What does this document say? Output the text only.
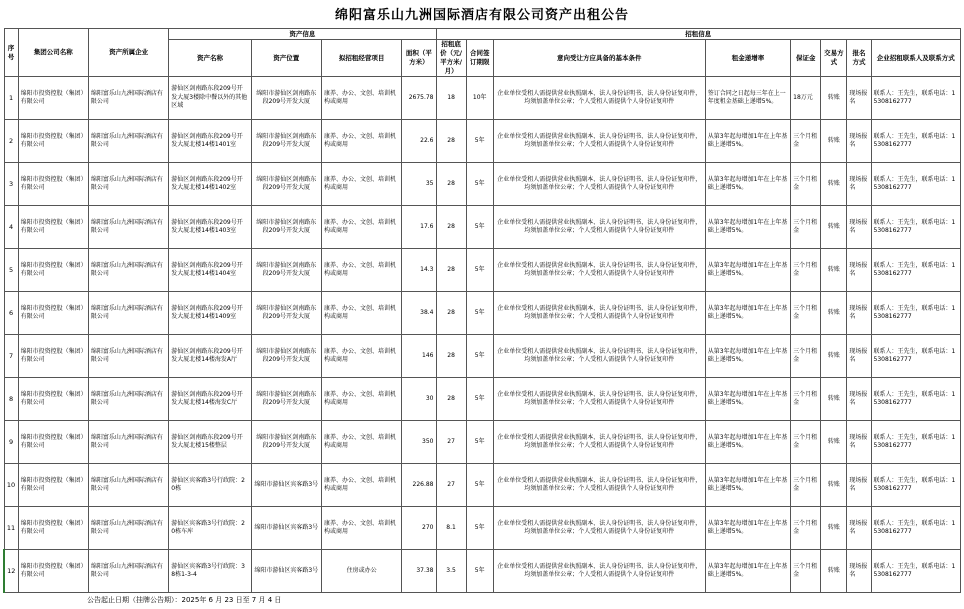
绵阳富乐山九洲国际酒店有限公司资产出租公告
序号	集团公司名称	资产所属企业	资产信息				招租信息							
			资产名称	资产位置	拟招租经营项目	面积（平方米）	招租底价（元/平方米/月）	合同签订期限	意向受让方应具备的基本条件	租金递增率	保证金	交易方式	报名方式	企业招租联系人及联系方式
1	绵阳市投资控股（集团）有限公司	绵阳富乐山九洲国际酒店有限公司	游仙区剑南路东段209号开发大厦3楼除中餐以外的其他区域	绵阳市游仙区剑南路东段209号开发大厦	康养、办公、文创、培训机构或商用	2675.78	18	10年	企业单位受租人需提供营业执照副本、法人身份证明书、法人身份证复印件，均须加盖单位公章；个人受租人需提供个人身份证复印件	签订合同之日起每三年在上一年度租金基础上递增5%。	18万元	转账	现场报名	联系人：王先生，联系电话：15308162777
2	绵阳市投资控股（集团）有限公司	绵阳富乐山九洲国际酒店有限公司	游仙区剑南路东段209号开发大厦北楼14楼1401室	绵阳市游仙区剑南路东段209号开发大厦	康养、办公、文创、培训机构或商用	22.6	28	5年	企业单位受租人需提供营业执照副本、法人身份证明书、法人身份证复印件，均须加盖单位公章；个人受租人需提供个人身份证复印件	从第3年起每增加1年在上年基础上递增5%。	三个月租金	转账	现场报名	联系人：王先生，联系电话：15308162777
3	绵阳市投资控股（集团）有限公司	绵阳富乐山九洲国际酒店有限公司	游仙区剑南路东段209号开发大厦北楼14楼1402室	绵阳市游仙区剑南路东段209号开发大厦	康养、办公、文创、培训机构或商用	35	28	5年	企业单位受租人需提供营业执照副本、法人身份证明书、法人身份证复印件，均须加盖单位公章；个人受租人需提供个人身份证复印件	从第3年起每增加1年在上年基础上递增5%。	三个月租金	转账	现场报名	联系人：王先生，联系电话：15308162777
4	绵阳市投资控股（集团）有限公司	绵阳富乐山九洲国际酒店有限公司	游仙区剑南路东段209号开发大厦北楼14楼1403室	绵阳市游仙区剑南路东段209号开发大厦	康养、办公、文创、培训机构或商用	17.6	28	5年	企业单位受租人需提供营业执照副本、法人身份证明书、法人身份证复印件，均须加盖单位公章；个人受租人需提供个人身份证复印件	从第3年起每增加1年在上年基础上递增5%。	三个月租金	转账	现场报名	联系人：王先生，联系电话：15308162777
5	绵阳市投资控股（集团）有限公司	绵阳富乐山九洲国际酒店有限公司	游仙区剑南路东段209号开发大厦北楼14楼1404室	绵阳市游仙区剑南路东段209号开发大厦	康养、办公、文创、培训机构或商用	14.3	28	5年	企业单位受租人需提供营业执照副本、法人身份证明书、法人身份证复印件，均须加盖单位公章；个人受租人需提供个人身份证复印件	从第3年起每增加1年在上年基础上递增5%。	三个月租金	转账	现场报名	联系人：王先生，联系电话：15308162777
6	绵阳市投资控股（集团）有限公司	绵阳富乐山九洲国际酒店有限公司	游仙区剑南路东段209号开发大厦北楼14楼1409室	绵阳市游仙区剑南路东段209号开发大厦	康养、办公、文创、培训机构或商用	38.4	28	5年	企业单位受租人需提供营业执照副本、法人身份证明书、法人身份证复印件，均须加盖单位公章；个人受租人需提供个人身份证复印件	从第3年起每增加1年在上年基础上递增5%。	三个月租金	转账	现场报名	联系人：王先生，联系电话：15308162777
7	绵阳市投资控股（集团）有限公司	绵阳富乐山九洲国际酒店有限公司	游仙区剑南路东段209号开发大厦北楼14楼海发A厅	绵阳市游仙区剑南路东段209号开发大厦	康养、办公、文创、培训机构或商用	146	28	5年	企业单位受租人需提供营业执照副本、法人身份证明书、法人身份证复印件，均须加盖单位公章；个人受租人需提供个人身份证复印件	从第3年起每增加1年在上年基础上递增5%。	三个月租金	转账	现场报名	联系人：王先生，联系电话：15308162777
8	绵阳市投资控股（集团）有限公司	绵阳富乐山九洲国际酒店有限公司	游仙区剑南路东段209号开发大厦北楼14楼海发C厅	绵阳市游仙区剑南路东段209号开发大厦	康养、办公、文创、培训机构或商用	30	28	5年	企业单位受租人需提供营业执照副本、法人身份证明书、法人身份证复印件，均须加盖单位公章；个人受租人需提供个人身份证复印件	从第3年起每增加1年在上年基础上递增5%。	三个月租金	转账	现场报名	联系人：王先生，联系电话：15308162777
9	绵阳市投资控股（集团）有限公司	绵阳富乐山九洲国际酒店有限公司	游仙区剑南路东段209号开发大厦北楼15楼整层	绵阳市游仙区剑南路东段209号开发大厦	康养、办公、文创、培训机构或商用	350	27	5年	企业单位受租人需提供营业执照副本、法人身份证明书、法人身份证复印件，均须加盖单位公章；个人受租人需提供个人身份证复印件	从第3年起每增加1年在上年基础上递增5%。	三个月租金	转账	现场报名	联系人：王先生，联系电话：15308162777
10	绵阳市投资控股（集团）有限公司	绵阳富乐山九洲国际酒店有限公司	游仙区宾客路3号行政院：20栋	绵阳市游仙区宾客路3号	康养、办公、文创、培训机构或商用	226.88	27	5年	企业单位受租人需提供营业执照副本、法人身份证明书、法人身份证复印件，均须加盖单位公章；个人受租人需提供个人身份证复印件	从第3年起每增加1年在上年基础上递增5%。	三个月租金	转账	现场报名	联系人：王先生，联系电话：15308162777
11	绵阳市投资控股（集团）有限公司	绵阳富乐山九洲国际酒店有限公司	游仙区宾客路3号行政院：20栋车库	绵阳市游仙区宾客路3号	康养、办公、文创、培训机构或商用	270	8.1	5年	企业单位受租人需提供营业执照副本、法人身份证明书、法人身份证复印件，均须加盖单位公章；个人受租人需提供个人身份证复印件	从第3年起每增加1年在上年基础上递增5%。	三个月租金	转账	现场报名	联系人：王先生，联系电话：15308162777
12	绵阳市投资控股（集团）有限公司	绵阳富乐山九洲国际酒店有限公司	游仙区宾客路3号行政院：38栋1-3-4	绵阳市游仙区宾客路3号	住房或办公	37.38	3.5	5年	企业单位受租人需提供营业执照副本、法人身份证明书、法人身份证复印件，均须加盖单位公章；个人受租人需提供个人身份证复印件	从第3年起每增加1年在上年基础上递增5%。	三个月租金	转账	现场报名	联系人：王先生，联系电话：15308162777
公告起止日期（挂牌公告期）：2025年 6 月 23 日至 7 月 4 日
